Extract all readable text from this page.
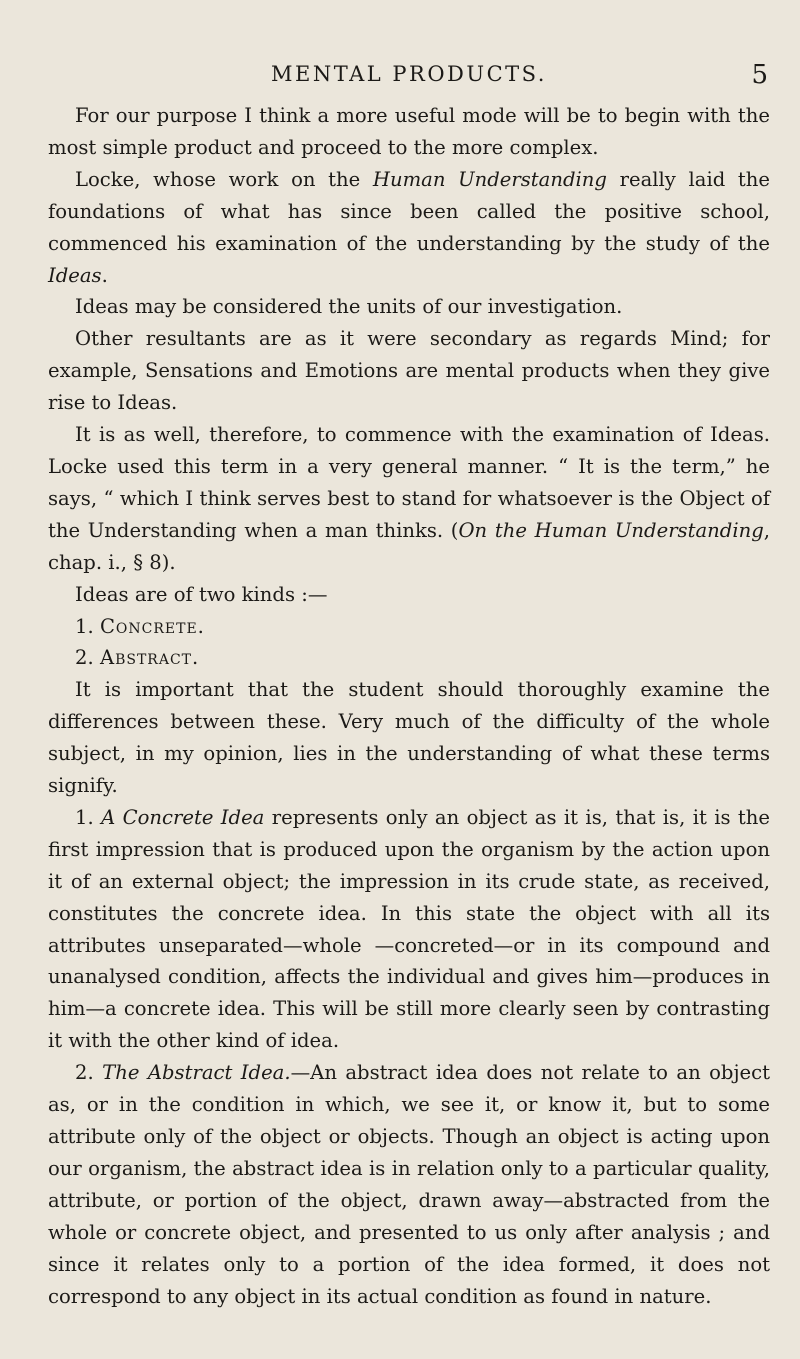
MENTAL PRODUCTS.	5

For our purpose I think a more useful mode will be to begin with the most simple product and proceed to the more complex.

Locke, whose work on the Human Understanding really laid the foundations of what has since been called the positive school, commenced his examination of the understanding by the study of the Ideas.

Ideas may be considered the units of our investigation.

Other resultants are as it were secondary as regards Mind; for example, Sensations and Emotions are mental products when they give rise to Ideas.

It is as well, therefore, to commence with the examination of Ideas. Locke used this term in a very general manner. “ It is the term,” he says, “ which I think serves best to stand for whatsoever is the Object of the Understanding when a man thinks. (On the Human Understanding, chap. i., § 8).

Ideas are of two kinds :—

1. Concrete.

2. Abstract.

It is important that the student should thoroughly examine the differences between these. Very much of the difficulty of the whole subject, in my opinion, lies in the understanding of what these terms signify.

1. A Concrete Idea represents only an object as it is, that is, it is the first impression that is produced upon the organism by the action upon it of an external object; the impression in its crude state, as received, constitutes the concrete idea. In this state the object with all its attributes unseparated—whole —concreted—or in its compound and unanalysed condition, affects the individual and gives him—produces in him—a concrete idea. This will be still more clearly seen by contrasting it with the other kind of idea.

2. The Abstract Idea.—An abstract idea does not relate to an object as, or in the condition in which, we see it, or know it, but to some attribute only of the object or objects. Though an object is acting upon our organism, the abstract idea is in relation only to a particular quality, attribute, or portion of the object, drawn away—abstracted from the whole or concrete object, and presented to us only after analysis ; and since it relates only to a portion of the idea formed, it does not correspond to any object in its actual condition as found in nature.
